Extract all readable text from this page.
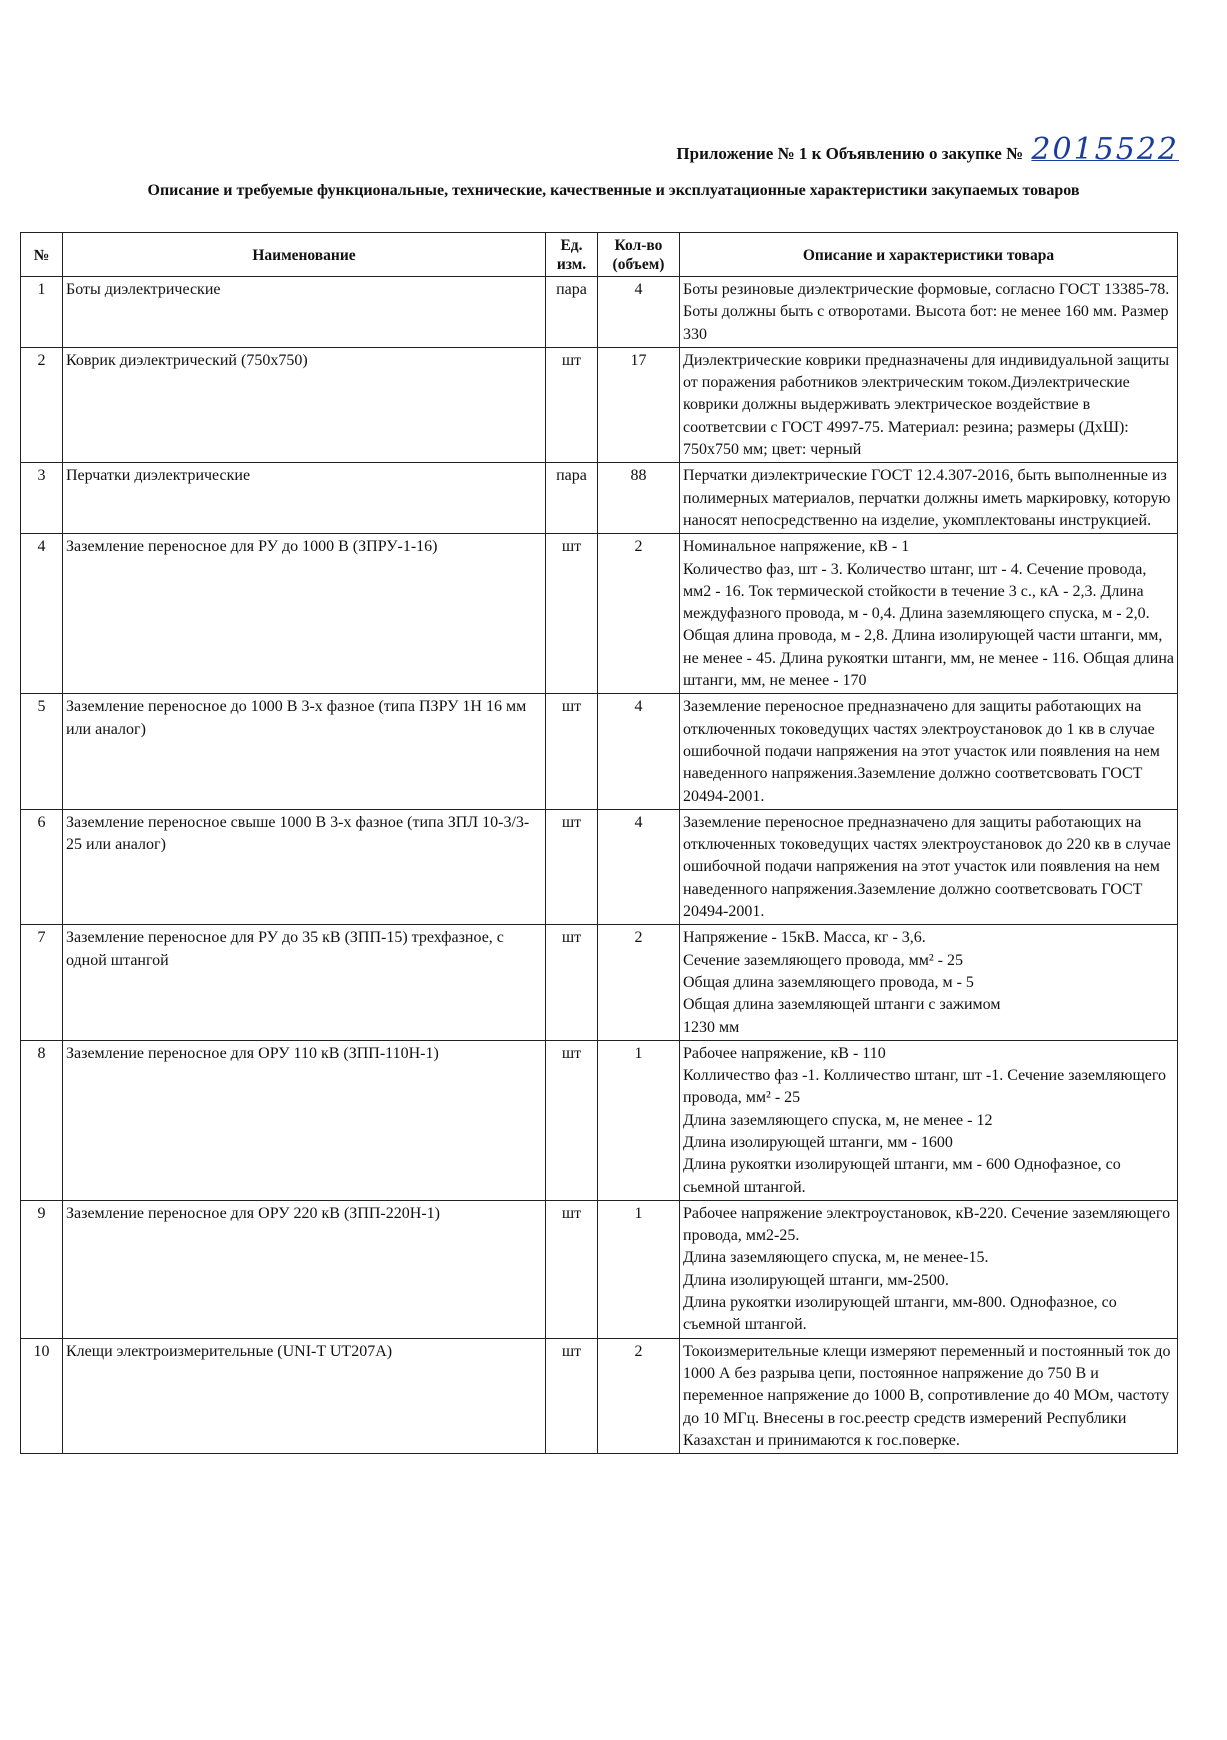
Приложение № 1 к Объявлению о закупке № 2015522
Описание и требуемые функциональные, технические, качественные и эксплуатационные характеристики закупаемых товаров
№	Наименование	Ед. изм.	Кол-во (объем)	Описание и характеристики товара
1	Боты диэлектрические	пара	4	Боты резиновые диэлектрические формовые, согласно ГОСТ 13385-78. Боты должны быть с отворотами. Высота бот: не менее 160 мм. Размер 330
2	Коврик диэлектрический (750х750)	шт	17	Диэлектрические коврики предназначены для индивидуальной защиты от поражения работников электрическим током.Диэлектрические коврики должны выдерживать электрическое воздействие в соответсвии с ГОСТ 4997-75. Материал: резина; размеры (ДхШ): 750х750 мм; цвет: черный
3	Перчатки диэлектрические	пара	88	Перчатки диэлектрические ГОСТ 12.4.307-2016, быть выполненные из полимерных материалов, перчатки должны иметь маркировку, которую наносят непосредственно на изделие, укомплектованы инструкцией.
4	Заземление переносное для РУ до 1000 В (ЗПРУ-1-16)	шт	2	Номинальное напряжение, кВ - 1
Количество фаз, шт - 3. Количество штанг, шт - 4. Сечение провода, мм2 - 16. Ток термической стойкости в течение 3 с., кА - 2,3. Длина междуфазного провода, м - 0,4. Длина заземляющего спуска, м - 2,0. Общая длина провода, м - 2,8. Длина изолирующей части штанги, мм, не менее - 45. Длина рукоятки штанги, мм, не менее - 116. Общая длина штанги, мм, не менее - 170
5	Заземление переносное до 1000 В 3-х фазное (типа ПЗРУ 1Н 16 мм или аналог)	шт	4	Заземление переносное предназначено для защиты работающих на отключенных токоведущих частях электроустановок до 1 кв в случае ошибочной подачи напряжения на этот участок или появления на нем наведенного напряжения.Заземление должно соответсвовать ГОСТ 20494-2001.
6	Заземление переносное свыше 1000 В 3-х фазное (типа ЗПЛ 10-3/3-25 или аналог)	шт	4	Заземление переносное предназначено для защиты работающих на отключенных токоведущих частях электроустановок до 220 кв в случае ошибочной подачи напряжения на этот участок или появления на нем наведенного напряжения.Заземление должно соответсвовать ГОСТ 20494-2001.
7	Заземление переносное для РУ до 35 кВ (ЗПП-15) трехфазное, с одной штангой	шт	2	Напряжение - 15кВ. Масса, кг - 3,6.
Сечение заземляющего провода, мм² - 25
Общая длина заземляющего провода, м - 5
Общая длина заземляющей штанги с зажимом
1230 мм
8	Заземление переносное для ОРУ 110 кВ (ЗПП-110Н-1)	шт	1	Рабочее напряжение, кВ - 110
Колличество фаз -1. Колличество штанг, шт -1. Сечение заземляющего провода, мм² - 25
Длина заземляющего спуска, м, не менее - 12
Длина изолирующей штанги, мм - 1600
Длина рукоятки изолирующей штанги, мм - 600 Однофазное, со сьемной штангой.
9	Заземление переносное для ОРУ 220 кВ (ЗПП-220Н-1)	шт	1	Рабочее напряжение электроустановок, кВ-220. Сечение заземляющего провода, мм2-25.
Длина заземляющего спуска, м, не менее-15.
Длина изолирующей штанги, мм-2500.
Длина рукоятки изолирующей штанги, мм-800. Однофазное, со съемной штангой.
10	Клещи электроизмерительные (UNI-T UT207A)	шт	2	Токоизмерительные клещи измеряют переменный и постоянный ток до 1000 А без разрыва цепи, постоянное напряжение до 750 В и переменное напряжение до 1000 В, сопротивление до 40 МОм, частоту до 10 МГц. Внесены в гос.реестр средств измерений Республики Казахстан и принимаются к гос.поверке.
